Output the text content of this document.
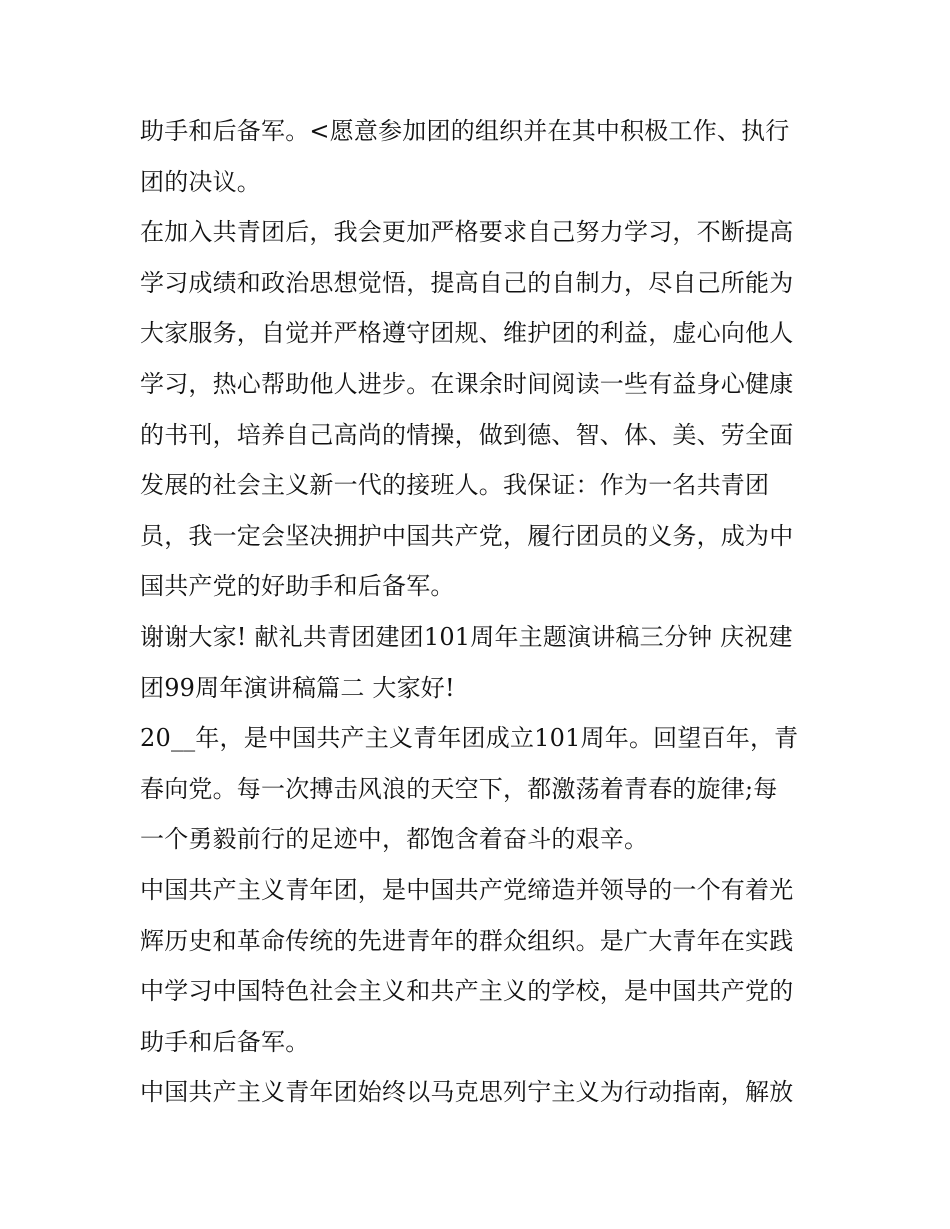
助手和后备军。<愿意参加团的组织并在其中积极工作、执行
团的决议。
在加入共青团后，我会更加严格要求自己努力学习，不断提高
学习成绩和政治思想觉悟，提高自己的自制力，尽自己所能为
大家服务，自觉并严格遵守团规、维护团的利益，虚心向他人
学习，热心帮助他人进步。在课余时间阅读一些有益身心健康
的书刊，培养自己高尚的情操，做到德、智、体、美、劳全面
发展的社会主义新一代的接班人。我保证：作为一名共青团
员，我一定会坚决拥护中国共产党，履行团员的义务，成为中
国共产党的好助手和后备军。
谢谢大家! 献礼共青团建团101周年主题演讲稿三分钟 庆祝建
团99周年演讲稿篇二 大家好!
20__年，是中国共产主义青年团成立101周年。回望百年，青
春向党。每一次搏击风浪的天空下，都激荡着青春的旋律;每
一个勇毅前行的足迹中，都饱含着奋斗的艰辛。
中国共产主义青年团，是中国共产党缔造并领导的一个有着光
辉历史和革命传统的先进青年的群众组织。是广大青年在实践
中学习中国特色社会主义和共产主义的学校，是中国共产党的
助手和后备军。
中国共产主义青年团始终以马克思列宁主义为行动指南，解放
